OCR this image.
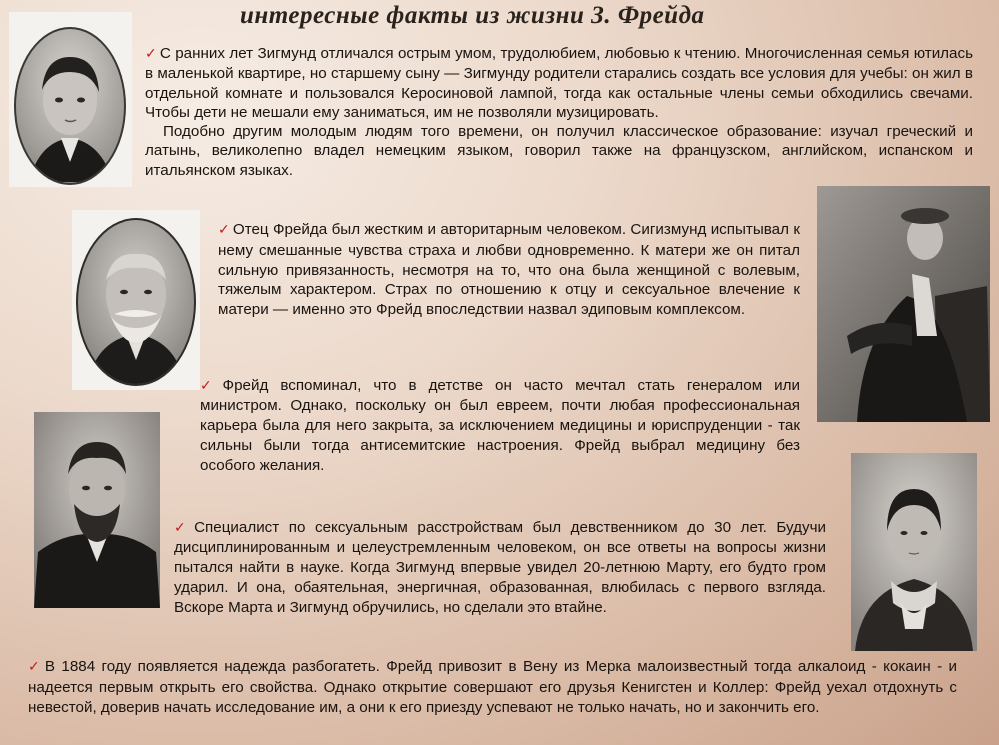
интересные факты из жизни З. Фрейда

✓ С ранних лет Зигмунд отличался острым умом, трудолюбием, любовью к чтению. Многочисленная семья ютилась в маленькой квартире, но старшему сыну — Зигмунду родители старались создать все условия для учебы: он жил в отдельной комнате и пользовался Керосиновой лампой, тогда как остальные члены семьи обходились свечами. Чтобы дети не мешали ему заниматься, им не позволяли музицировать.
Подобно другим молодым людям того времени, он получил классическое образование: изучал греческий и латынь, великолепно владел немецким языком, говорил также на французском, английском, испанском и итальянском языках.

✓ Отец Фрейда был жестким и авторитарным человеком. Сигизмунд испытывал к нему смешанные чувства страха и любви одновременно. К матери же он питал сильную привязанность, несмотря на то, что она была женщиной с волевым, тяжелым характером. Страх по отношению к отцу и сексуальное влечение к матери — именно это Фрейд впоследствии назвал эдиповым комплексом.

✓ Фрейд вспоминал, что в детстве он часто мечтал стать генералом или министром. Однако, поскольку он был евреем, почти любая профессиональная карьера была для него закрыта, за исключением медицины и юриспруденции - так сильны были тогда антисемитские настроения. Фрейд выбрал медицину без особого желания.

✓ Специалист по сексуальным расстройствам был девственником до 30 лет. Будучи дисциплинированным и целеустремленным человеком, он все ответы на вопросы жизни пытался найти в науке. Когда Зигмунд впервые увидел 20-летнюю Марту, его будто гром ударил. И она, обаятельная, энергичная, образованная, влюбилась с первого взгляда. Вскоре Марта и Зигмунд обручились, но сделали это втайне.

✓ В 1884 году появляется надежда разбогатеть. Фрейд привозит в Вену из Мерка малоизвестный тогда алкалоид - кокаин - и надеется первым открыть его свойства. Однако открытие совершают его друзья Кенигстен и Коллер: Фрейд уехал отдохнуть с невестой, доверив начать исследование им, а они к его приезду успевают не только начать, но и закончить его.
